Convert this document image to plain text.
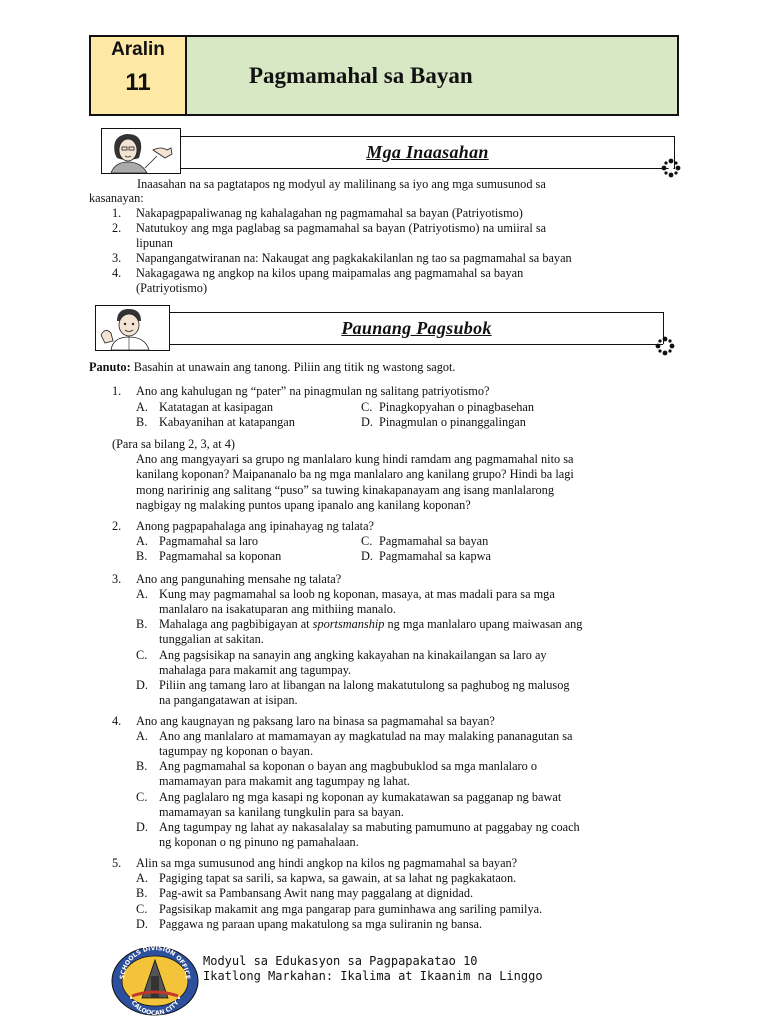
Aralin
11	Pagmamahal sa Bayan
Mga Inaasahan
Inaasahan na sa pagtatapos ng modyul ay malilinang sa iyo ang mga sumusunod sa
kasanayan:
1. Nakapagpapaliwanag ng kahalagahan ng pagmamahal sa bayan (Patriyotismo)
2. Natutukoy ang mga paglabag sa pagmamahal sa bayan (Patriyotismo) na umiiral sa
lipunan
3. Napangangatwiranan na: Nakaugat ang pagkakakilanlan ng tao sa pagmamahal sa bayan
4. Nakagagawa ng angkop na kilos upang maipamalas ang pagmamahal sa bayan
(Patriyotismo)
Paunang Pagsubok
Panuto: Basahin at unawain ang tanong. Piliin ang titik ng wastong sagot.
1. Ano ang kahulugan ng “pater” na pinagmulan ng salitang patriyotismo?
A. Katatagan at kasipagan
B. Kabayanihan at katapangan
C. Pinagkopyahan o pinagbasehan
D. Pinagmulan o pinanggalingan
(Para sa bilang 2, 3, at 4)
Ano ang mangyayari sa grupo ng manlalaro kung hindi ramdam ang pagmamahal nito sa
kanilang koponan? Maipananalo ba ng mga manlalaro ang kanilang grupo? Hindi ba lagi
mong naririnig ang salitang “puso” sa tuwing kinakapanayam ang isang manlalarong
nagbigay ng malaking puntos upang ipanalo ang kanilang koponan?
2. Anong pagpapahalaga ang ipinahayag ng talata?
A. Pagmamahal sa laro
B. Pagmamahal sa koponan
C. Pagmamahal sa bayan
D. Pagmamahal sa kapwa
3. Ano ang pangunahing mensahe ng talata?
A. Kung may pagmamahal sa loob ng koponan, masaya, at mas madali para sa mga
manlalaro na isakatuparan ang mithiing manalo.
B. Mahalaga ang pagbibigayan at sportsmanship ng mga manlalaro upang maiwasan ang
tunggalian at sakitan.
C. Ang pagsisikap na sanayin ang angking kakayahan na kinakailangan sa laro ay
mahalaga para makamit ang tagumpay.
D. Piliin ang tamang laro at libangan na lalong makatutulong sa paghubog ng malusog
na pangangatawan at isipan.
4. Ano ang kaugnayan ng paksang laro na binasa sa pagmamahal sa bayan?
A. Ano ang manlalaro at mamamayan ay magkatulad na may malaking pananagutan sa
tagumpay ng koponan o bayan.
B. Ang pagmamahal sa koponan o bayan ang magbubuklod sa mga manlalaro o
mamamayan para makamit ang tagumpay ng lahat.
C. Ang paglalaro ng mga kasapi ng koponan ay kumakatawan sa pagganap ng bawat
mamamayan sa kanilang tungkulin para sa bayan.
D. Ang tagumpay ng lahat ay nakasalalay sa mabuting pamumuno at paggabay ng coach
ng koponan o ng pinuno ng pamahalaan.
5. Alin sa mga sumusunod ang hindi angkop na kilos ng pagmamahal sa bayan?
A. Pagiging tapat sa sarili, sa kapwa, sa gawain, at sa lahat ng pagkakataon.
B. Pag-awit sa Pambansang Awit nang may paggalang at dignidad.
C. Pagsisikap makamit ang mga pangarap para guminhawa ang sariling pamilya.
D. Paggawa ng paraan upang makatulong sa mga suliranin ng bansa.
SCHOOLS DIVISION OFFICE
• CALOOCAN CITY •
Modyul sa Edukasyon sa Pagpapakatao 10
Ikatlong Markahan: Ikalima at Ikaanim na Linggo
